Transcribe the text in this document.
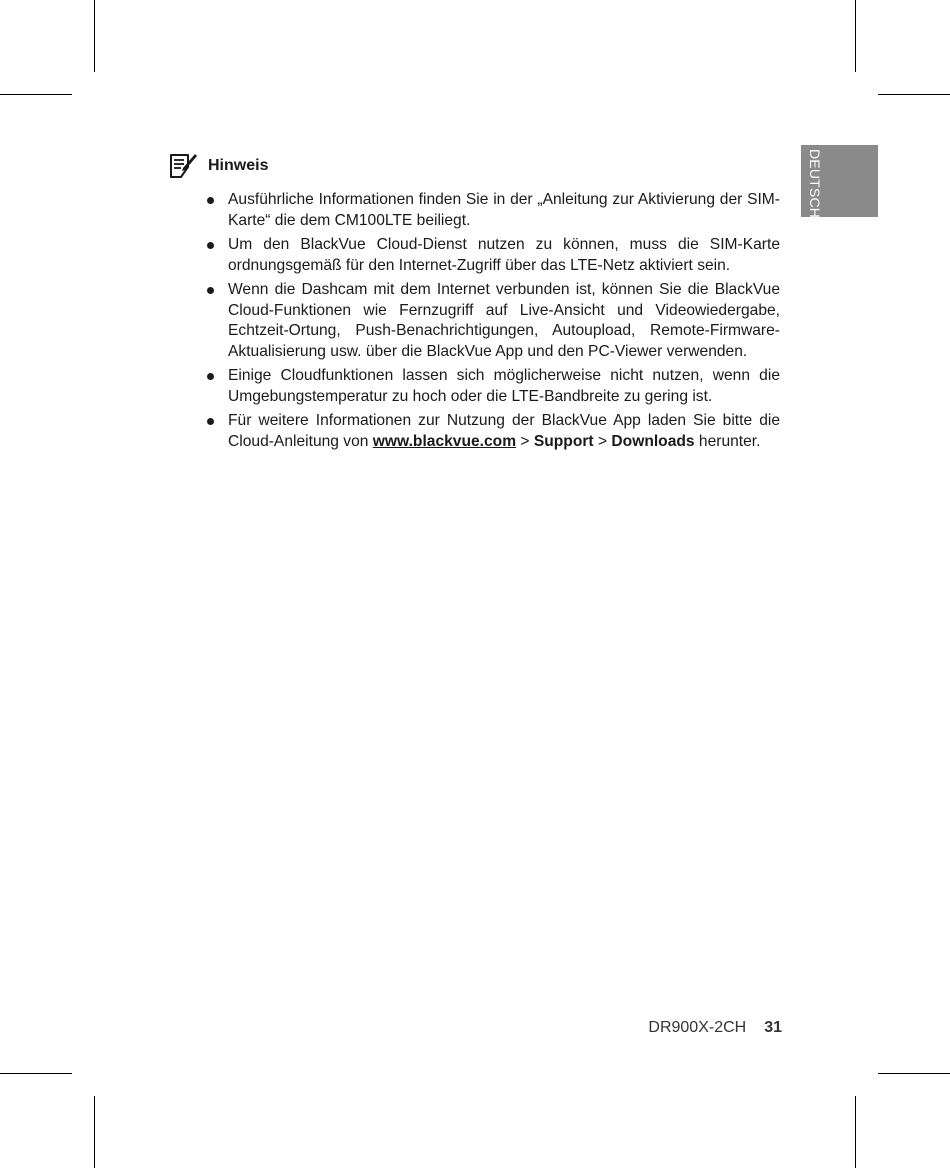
DEUTSCH
Hinweis
Ausführliche Informationen finden Sie in der „Anleitung zur Aktivierung der SIM-Karte“ die dem CM100LTE beiliegt.
Um den BlackVue Cloud-Dienst nutzen zu können, muss die SIM-Karte ordnungsgemäß für den Internet-Zugriff über das LTE-Netz aktiviert sein.
Wenn die Dashcam mit dem Internet verbunden ist, können Sie die BlackVue Cloud-Funktionen wie Fernzugriff auf Live-Ansicht und Videowiedergabe, Echtzeit-Ortung, Push-Benachrichtigungen, Autoupload, Remote-Firmware-Aktualisierung usw. über die BlackVue App und den PC-Viewer verwenden.
Einige Cloudfunktionen lassen sich möglicherweise nicht nutzen, wenn die Umgebungstemperatur zu hoch oder die LTE-Bandbreite zu gering ist.
Für weitere Informationen zur Nutzung der BlackVue App laden Sie bitte die Cloud-Anleitung von www.blackvue.com > Support > Downloads herunter.
DR900X-2CH 31
